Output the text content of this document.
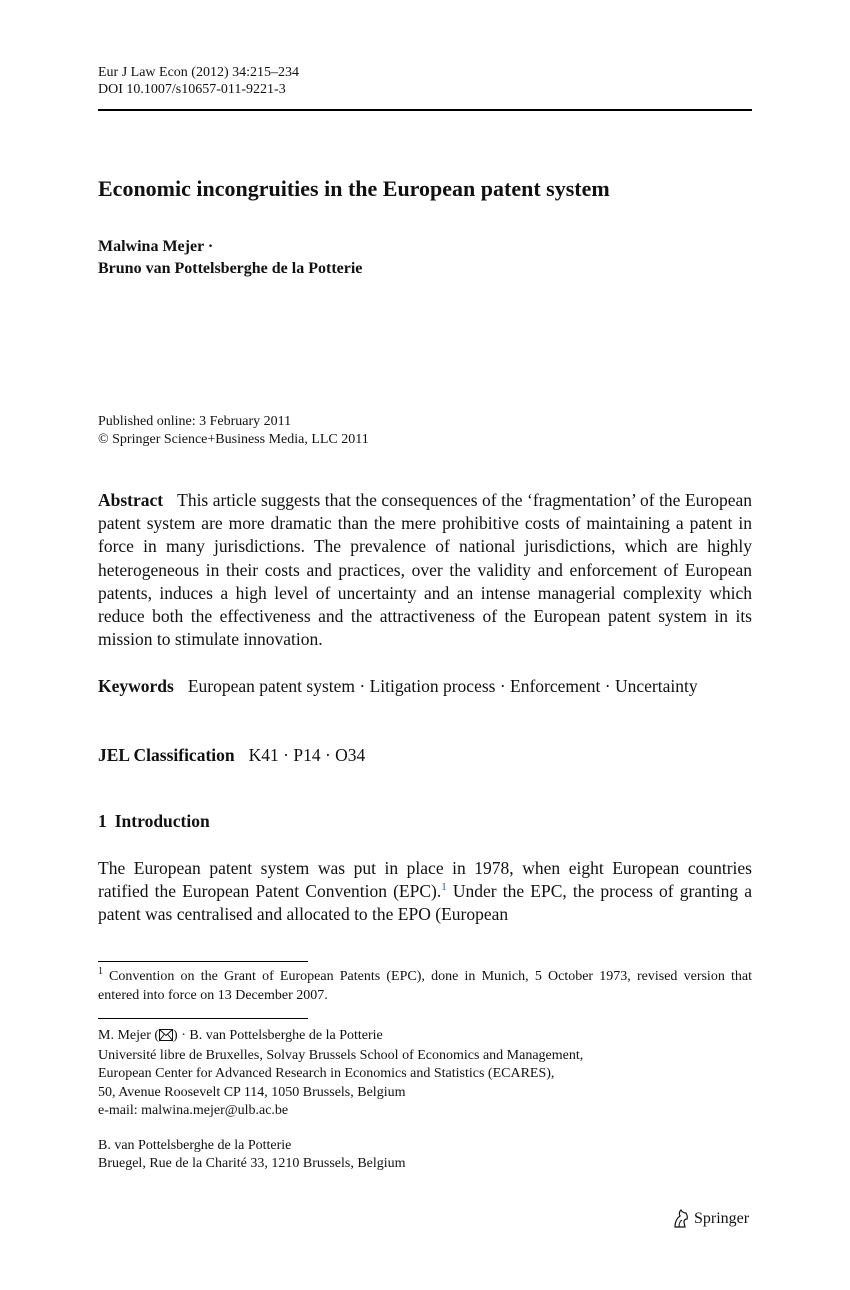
Eur J Law Econ (2012) 34:215–234
DOI 10.1007/s10657-011-9221-3
Economic incongruities in the European patent system
Malwina Mejer ·
Bruno van Pottelsberghe de la Potterie
Published online: 3 February 2011
© Springer Science+Business Media, LLC 2011
Abstract This article suggests that the consequences of the ‘fragmentation’ of the European patent system are more dramatic than the mere prohibitive costs of maintaining a patent in force in many jurisdictions. The prevalence of national jurisdictions, which are highly heterogeneous in their costs and practices, over the validity and enforcement of European patents, induces a high level of uncertainty and an intense managerial complexity which reduce both the effectiveness and the attractiveness of the European patent system in its mission to stimulate innovation.
Keywords European patent system · Litigation process · Enforcement · Uncertainty
JEL Classification K41 · P14 · O34
1 Introduction
The European patent system was put in place in 1978, when eight European countries ratified the European Patent Convention (EPC).$^1$ Under the EPC, the process of granting a patent was centralised and allocated to the EPO (European
$^1$ Convention on the Grant of European Patents (EPC), done in Munich, 5 October 1973, revised version that entered into force on 13 December 2007.
M. Mejer ( ) · B. van Pottelsberghe de la Potterie
Université libre de Bruxelles, Solvay Brussels School of Economics and Management,
European Center for Advanced Research in Economics and Statistics (ECARES),
50, Avenue Roosevelt CP 114, 1050 Brussels, Belgium
e-mail: malwina.mejer@ulb.ac.be
B. van Pottelsberghe de la Potterie
Bruegel, Rue de la Charité 33, 1210 Brussels, Belgium
Springer
